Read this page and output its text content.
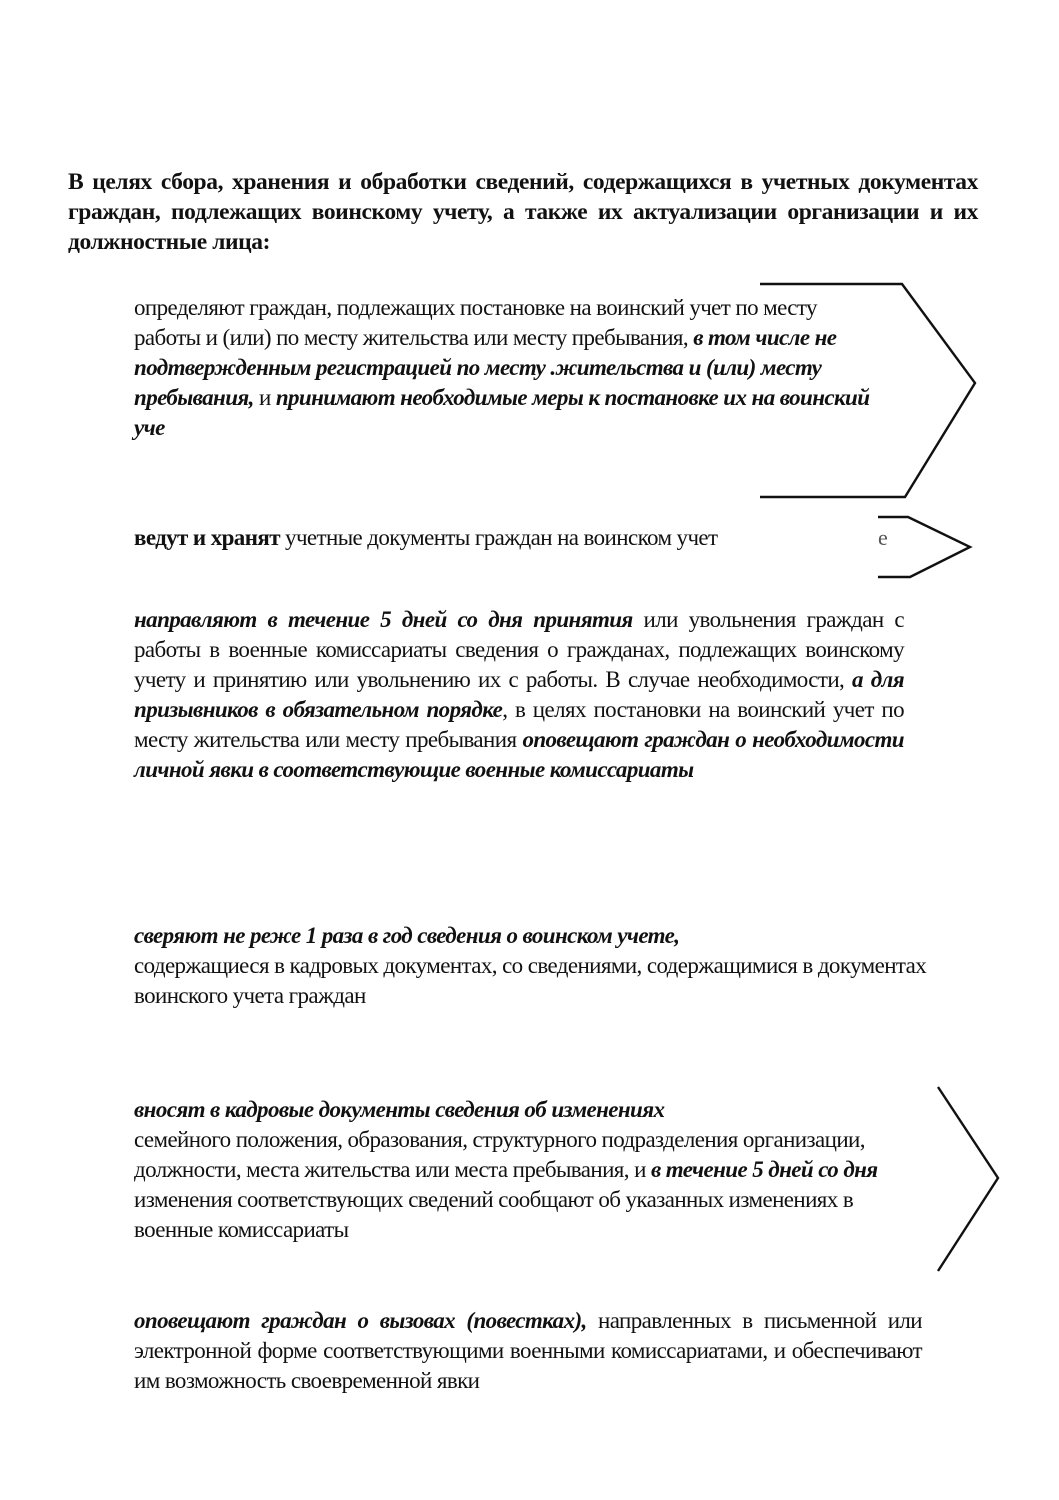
В целях сбора, хранения и обработки сведений, содержащихся в учетных документах граждан, подлежащих воинскому учету, а также их актуализации организации и их должностные лица:
определяют граждан, подлежащих постановке на воинский учет по месту работы и (или) по месту жительства или месту пребывания, в том числе не подтвержденным регистрацией по месту .жительства и (или) месту пребывания, и принимают необходимые меры к постановке их на воинский уче
е
ведут и хранят учетные документы граждан на воинском учет
направляют в течение 5 дней со дня принятия или увольнения граждан с работы в военные комиссариаты сведения о гражданах, подлежащих воинскому учету и принятию или увольнению их с работы. В случае необходимости, а для призывников в обязательном порядке, в целях постановки на воинский учет по месту жительства или месту пребывания оповещают граждан о необходимости личной явки в соответствующие военные комиссариаты
сверяют не реже 1 раза в год сведения о воинском учете,
содержащиеся в кадровых документах, со сведениями, содержащимися в документах воинского учета граждан
вносят в кадровые документы сведения об изменениях
семейного положения, образования, структурного подразделения организации, должности, места жительства или места пребывания, и в течение 5 дней со дня изменения соответствующих сведений сообщают об указанных изменениях в военные комиссариаты
оповещают граждан о вызовах (повестках), направленных в письменной или электронной форме соответствующими военными комиссариатами, и обеспечивают им возможность своевременной явки
